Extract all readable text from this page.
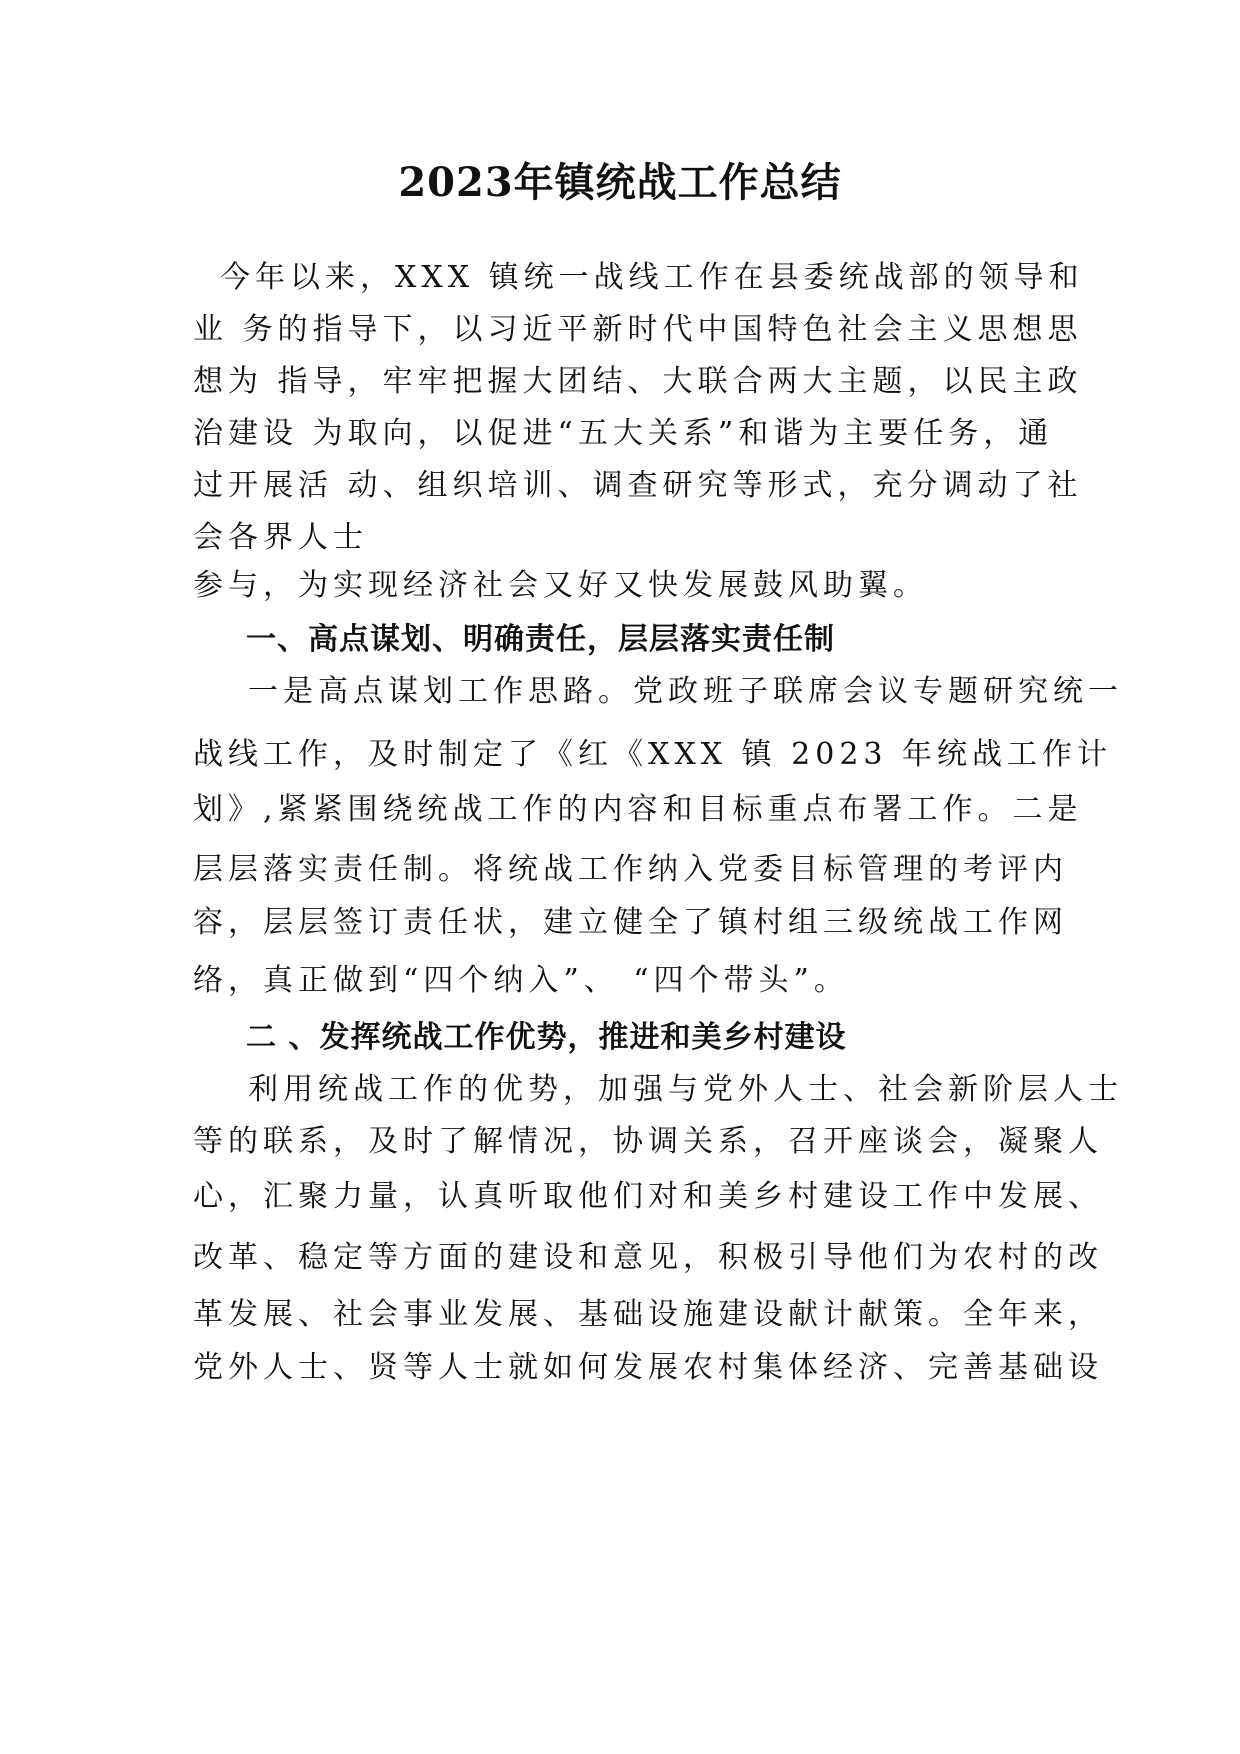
2023年镇统战工作总结
今年以来，XXX 镇统一战线工作在县委统战部的领导和
业 务的指导下，以习近平新时代中国特色社会主义思想思
想为 指导，牢牢把握大团结、大联合两大主题，以民主政
治建设 为取向，以促进“五大关系”和谐为主要任务，通
过开展活 动、组织培训、调查研究等形式，充分调动了社
会各界人士
参与，为实现经济社会又好又快发展鼓风助翼。
一、高点谋划、明确责任，层层落实责任制
一是高点谋划工作思路。党政班子联席会议专题研究统一
战线工作，及时制定了《红《XXX 镇 2023 年统战工作计
划》,紧紧围绕统战工作的内容和目标重点布署工作。二是
层层落实责任制。将统战工作纳入党委目标管理的考评内
容，层层签订责任状，建立健全了镇村组三级统战工作网
络，真正做到“四个纳入”、 “四个带头”。
二 、发挥统战工作优势，推进和美乡村建设
利用统战工作的优势，加强与党外人士、社会新阶层人士
等的联系，及时了解情况，协调关系，召开座谈会，凝聚人
心，汇聚力量，认真听取他们对和美乡村建设工作中发展、
改革、稳定等方面的建设和意见，积极引导他们为农村的改
革发展、社会事业发展、基础设施建设献计献策。全年来，
党外人士、贤等人士就如何发展农村集体经济、完善基础设
